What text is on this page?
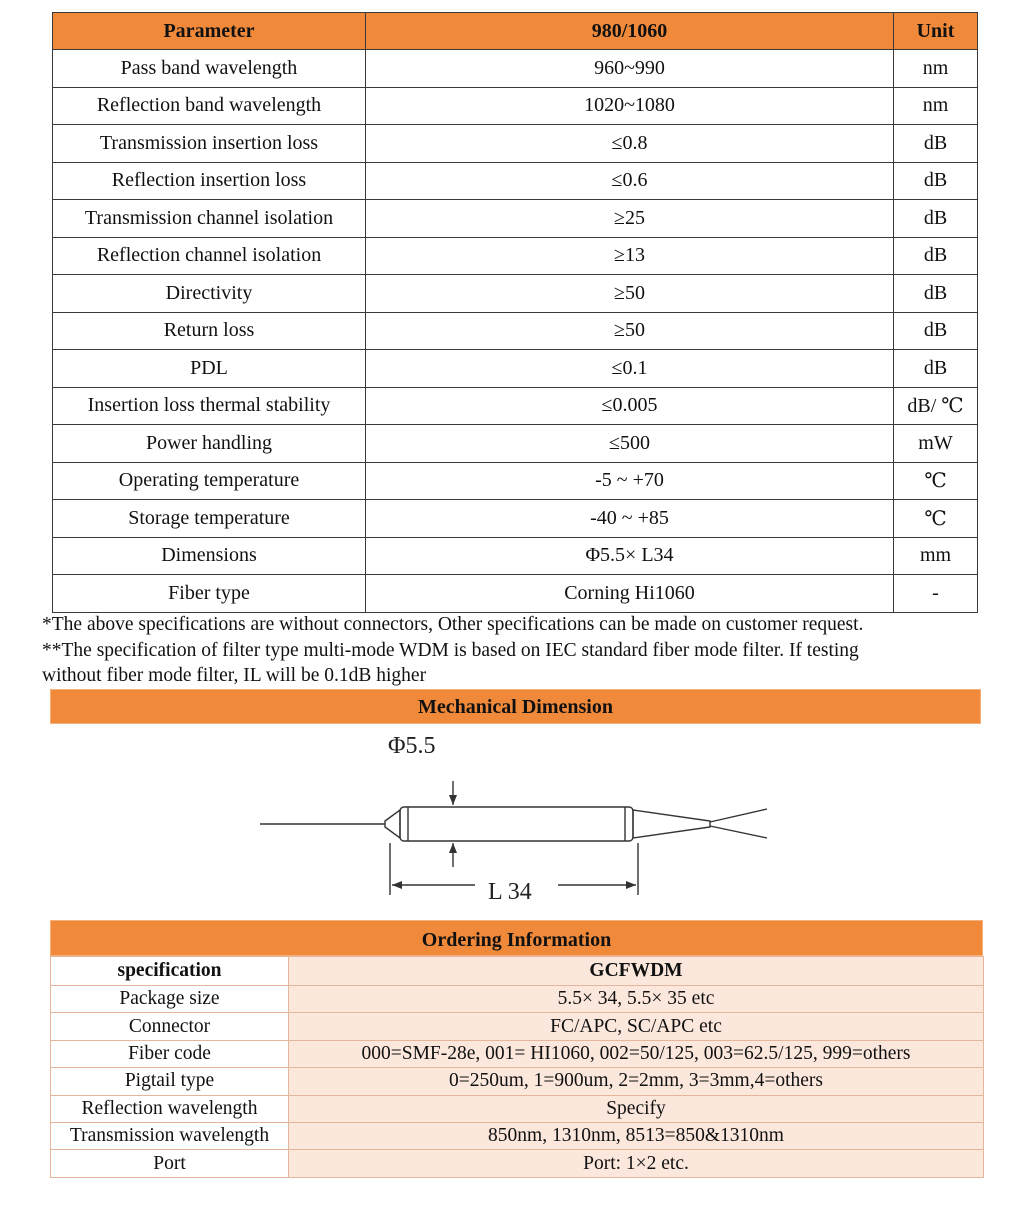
Parameter	980/1060	Unit
Pass band wavelength	960~990	nm
Reflection band wavelength	1020~1080	nm
Transmission insertion loss	≤0.8	dB
Reflection insertion loss	≤0.6	dB
Transmission channel isolation	≥25	dB
Reflection channel isolation	≥13	dB
Directivity	≥50	dB
Return loss	≥50	dB
PDL	≤0.1	dB
Insertion loss thermal stability	≤0.005	dB/ ℃
Power handling	≤500	mW
Operating temperature	-5 ~ +70	℃
Storage temperature	-40 ~ +85	℃
Dimensions	Φ5.5× L34	mm
Fiber type	Corning Hi1060	-
*The above specifications are without connectors, Other specifications can be made on customer request.
**The specification of filter type multi-mode WDM is based on IEC standard fiber mode filter. If testing
without fiber mode filter, IL will be 0.1dB higher
Mechanical Dimension
Φ5.5
L 34
Ordering Information
specification	GCFWDM
Package size	5.5× 34, 5.5× 35 etc
Connector	FC/APC, SC/APC etc
Fiber code	000=SMF-28e, 001= HI1060, 002=50/125, 003=62.5/125, 999=others
Pigtail type	0=250um, 1=900um, 2=2mm, 3=3mm,4=others
Reflection wavelength	Specify
Transmission wavelength	850nm, 1310nm, 8513=850&1310nm
Port	Port: 1×2 etc.
